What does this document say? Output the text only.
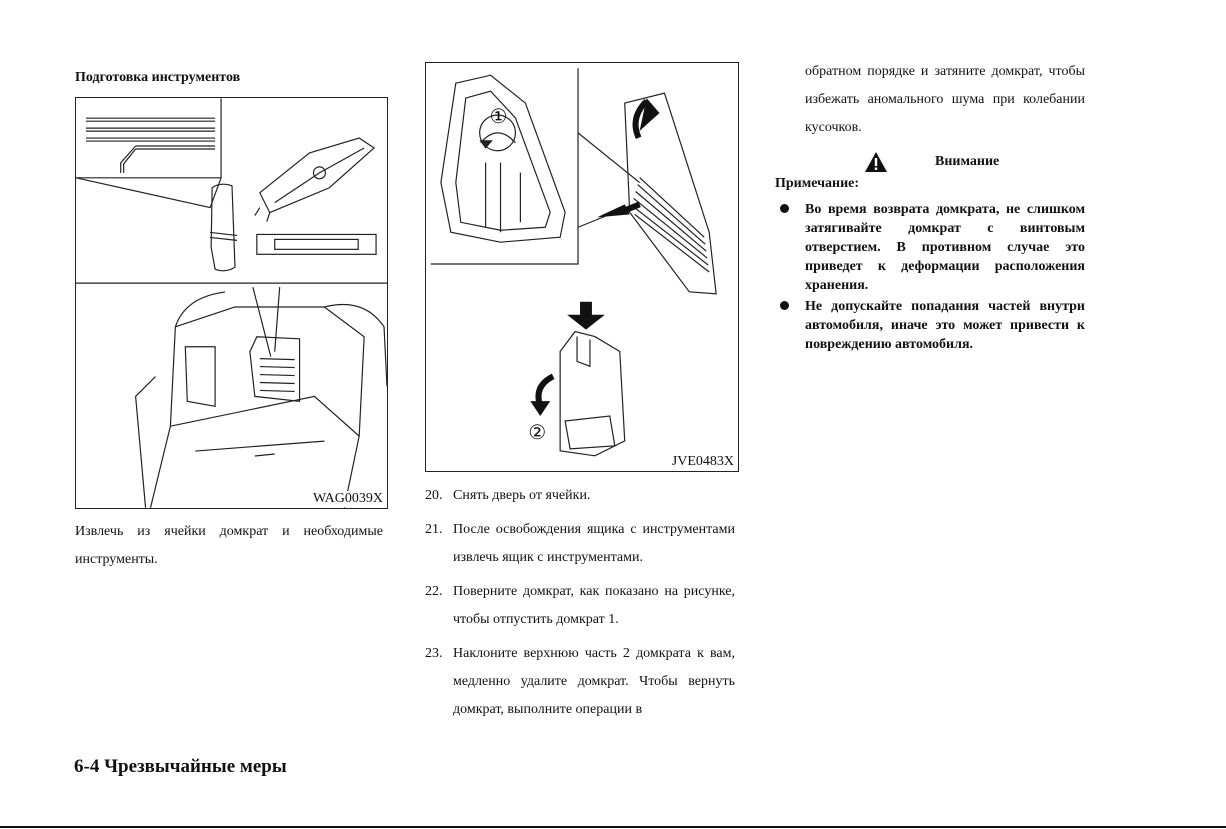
Подготовка инструментов
WAG0039X
Извлечь из ячейки домкрат и необходимые инструменты.
①
②
JVE0483X
20. Снять дверь от ячейки.
21. После освобождения ящика с инструментами извлечь ящик с инструментами.
22. Поверните домкрат, как показано на рисунке, чтобы отпустить домкрат 1.
23. Наклоните верхнюю часть 2 домкрата к вам, медленно удалите домкрат. Чтобы вернуть домкрат, выполните операции в
обратном порядке и затяните домкрат, чтобы избежать аномального шума при колебании кусочков.
Внимание
Примечание:
Во время возврата домкрата, не слишком затягивайте домкрат с винтовым отверстием. В противном случае это приведет к деформации расположения хранения.
Не допускайте попадания частей внутри автомобиля, иначе это может привести к повреждению автомобиля.
6-4 Чрезвычайные меры
